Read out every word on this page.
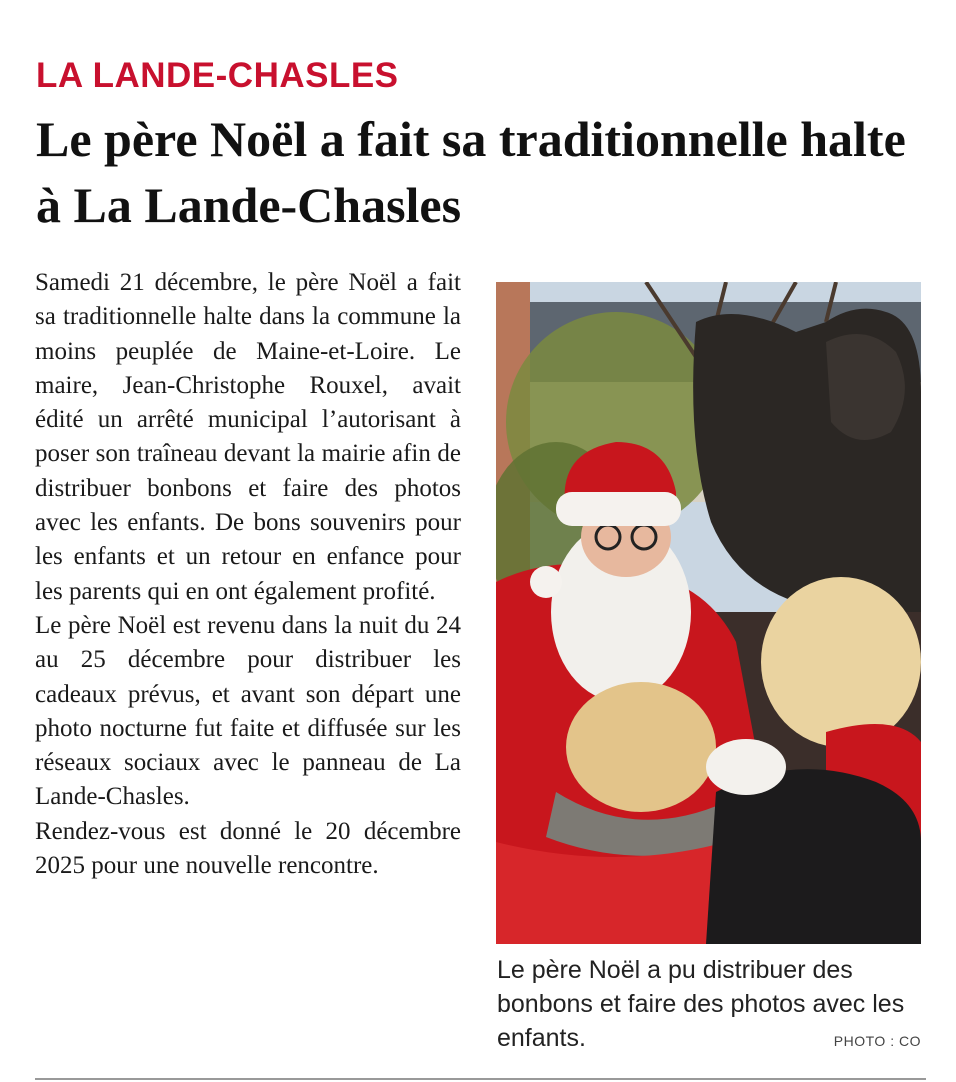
LA LANDE-CHASLES
Le père Noël a fait sa traditionnelle halte à La Lande-Chasles

Samedi 21 décembre, le père Noël a fait sa traditionnelle halte dans la commune la moins peuplée de Maine-et-Loire. Le maire, Jean-Christophe Rouxel, avait édité un arrêté municipal l’autorisant à poser son traîneau devant la mairie afin de distribuer bonbons et faire des photos avec les enfants. De bons souvenirs pour les enfants et un retour en enfance pour les parents qui en ont également profité.

Le père Noël est revenu dans la nuit du 24 au 25 décembre pour distribuer les cadeaux prévus, et avant son départ une photo nocturne fut faite et diffusée sur les réseaux sociaux avec le panneau de La Lande-Chasles.

Rendez-vous est donné le 20 décembre 2025 pour une nouvelle rencontre.

Le père Noël a pu distribuer des bonbons et faire des photos avec les enfants.	PHOTO : CO
